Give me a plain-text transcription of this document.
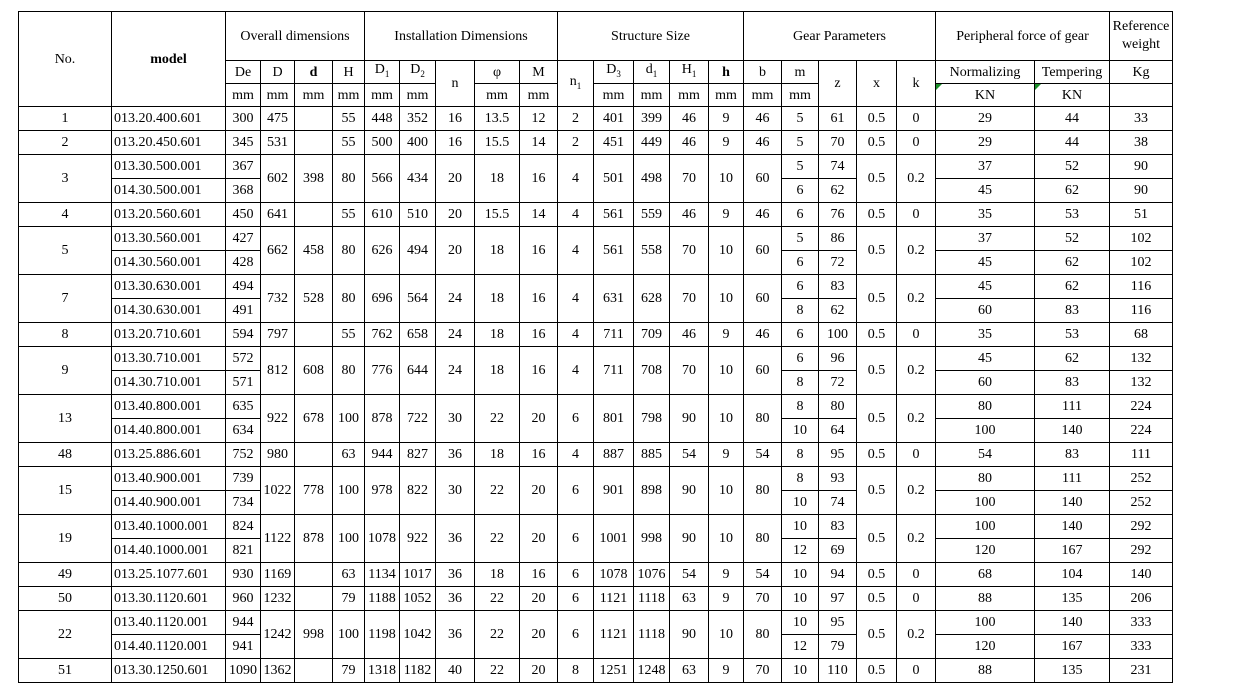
No.	model	Overall dimensions				Installation Dimensions					Structure Size					Gear Parameters					Peripheral force of gear		Reference weight
		De	D	d	H	$D_1$	$D_2$	n	φ	M	$n_1$	$D_3$	$d_1$	$H_1$	h	b	m	z	x	k	Normalizing	Tempering	Kg
		mm	mm	mm	mm	mm	mm		mm	mm		mm	mm	mm	mm	mm	mm				KN	KN	
1	013.20.400.601	300	475		55	448	352	16	13.5	12	2	401	399	46	9	46	5	61	0.5	0	29	44	33
2	013.20.450.601	345	531		55	500	400	16	15.5	14	2	451	449	46	9	46	5	70	0.5	0	29	44	38
3	013.30.500.001	367	602	398	80	566	434	20	18	16	4	501	498	70	10	60	5	74	0.5	0.2	37	52	90
	014.30.500.001	368															6	62			45	62	90
4	013.20.560.601	450	641		55	610	510	20	15.5	14	4	561	559	46	9	46	6	76	0.5	0	35	53	51
5	013.30.560.001	427	662	458	80	626	494	20	18	16	4	561	558	70	10	60	5	86	0.5	0.2	37	52	102
	014.30.560.001	428															6	72			45	62	102
7	013.30.630.001	494	732	528	80	696	564	24	18	16	4	631	628	70	10	60	6	83	0.5	0.2	45	62	116
	014.30.630.001	491															8	62			60	83	116
8	013.20.710.601	594	797		55	762	658	24	18	16	4	711	709	46	9	46	6	100	0.5	0	35	53	68
9	013.30.710.001	572	812	608	80	776	644	24	18	16	4	711	708	70	10	60	6	96	0.5	0.2	45	62	132
	014.30.710.001	571															8	72			60	83	132
13	013.40.800.001	635	922	678	100	878	722	30	22	20	6	801	798	90	10	80	8	80	0.5	0.2	80	111	224
	014.40.800.001	634															10	64			100	140	224
48	013.25.886.601	752	980		63	944	827	36	18	16	4	887	885	54	9	54	8	95	0.5	0	54	83	111
15	013.40.900.001	739	1022	778	100	978	822	30	22	20	6	901	898	90	10	80	8	93	0.5	0.2	80	111	252
	014.40.900.001	734															10	74			100	140	252
19	013.40.1000.001	824	1122	878	100	1078	922	36	22	20	6	1001	998	90	10	80	10	83	0.5	0.2	100	140	292
	014.40.1000.001	821															12	69			120	167	292
49	013.25.1077.601	930	1169		63	1134	1017	36	18	16	6	1078	1076	54	9	54	10	94	0.5	0	68	104	140
50	013.30.1120.601	960	1232		79	1188	1052	36	22	20	6	1121	1118	63	9	70	10	97	0.5	0	88	135	206
22	013.40.1120.001	944	1242	998	100	1198	1042	36	22	20	6	1121	1118	90	10	80	10	95	0.5	0.2	100	140	333
	014.40.1120.001	941															12	79			120	167	333
51	013.30.1250.601	1090	1362		79	1318	1182	40	22	20	8	1251	1248	63	9	70	10	110	0.5	0	88	135	231
